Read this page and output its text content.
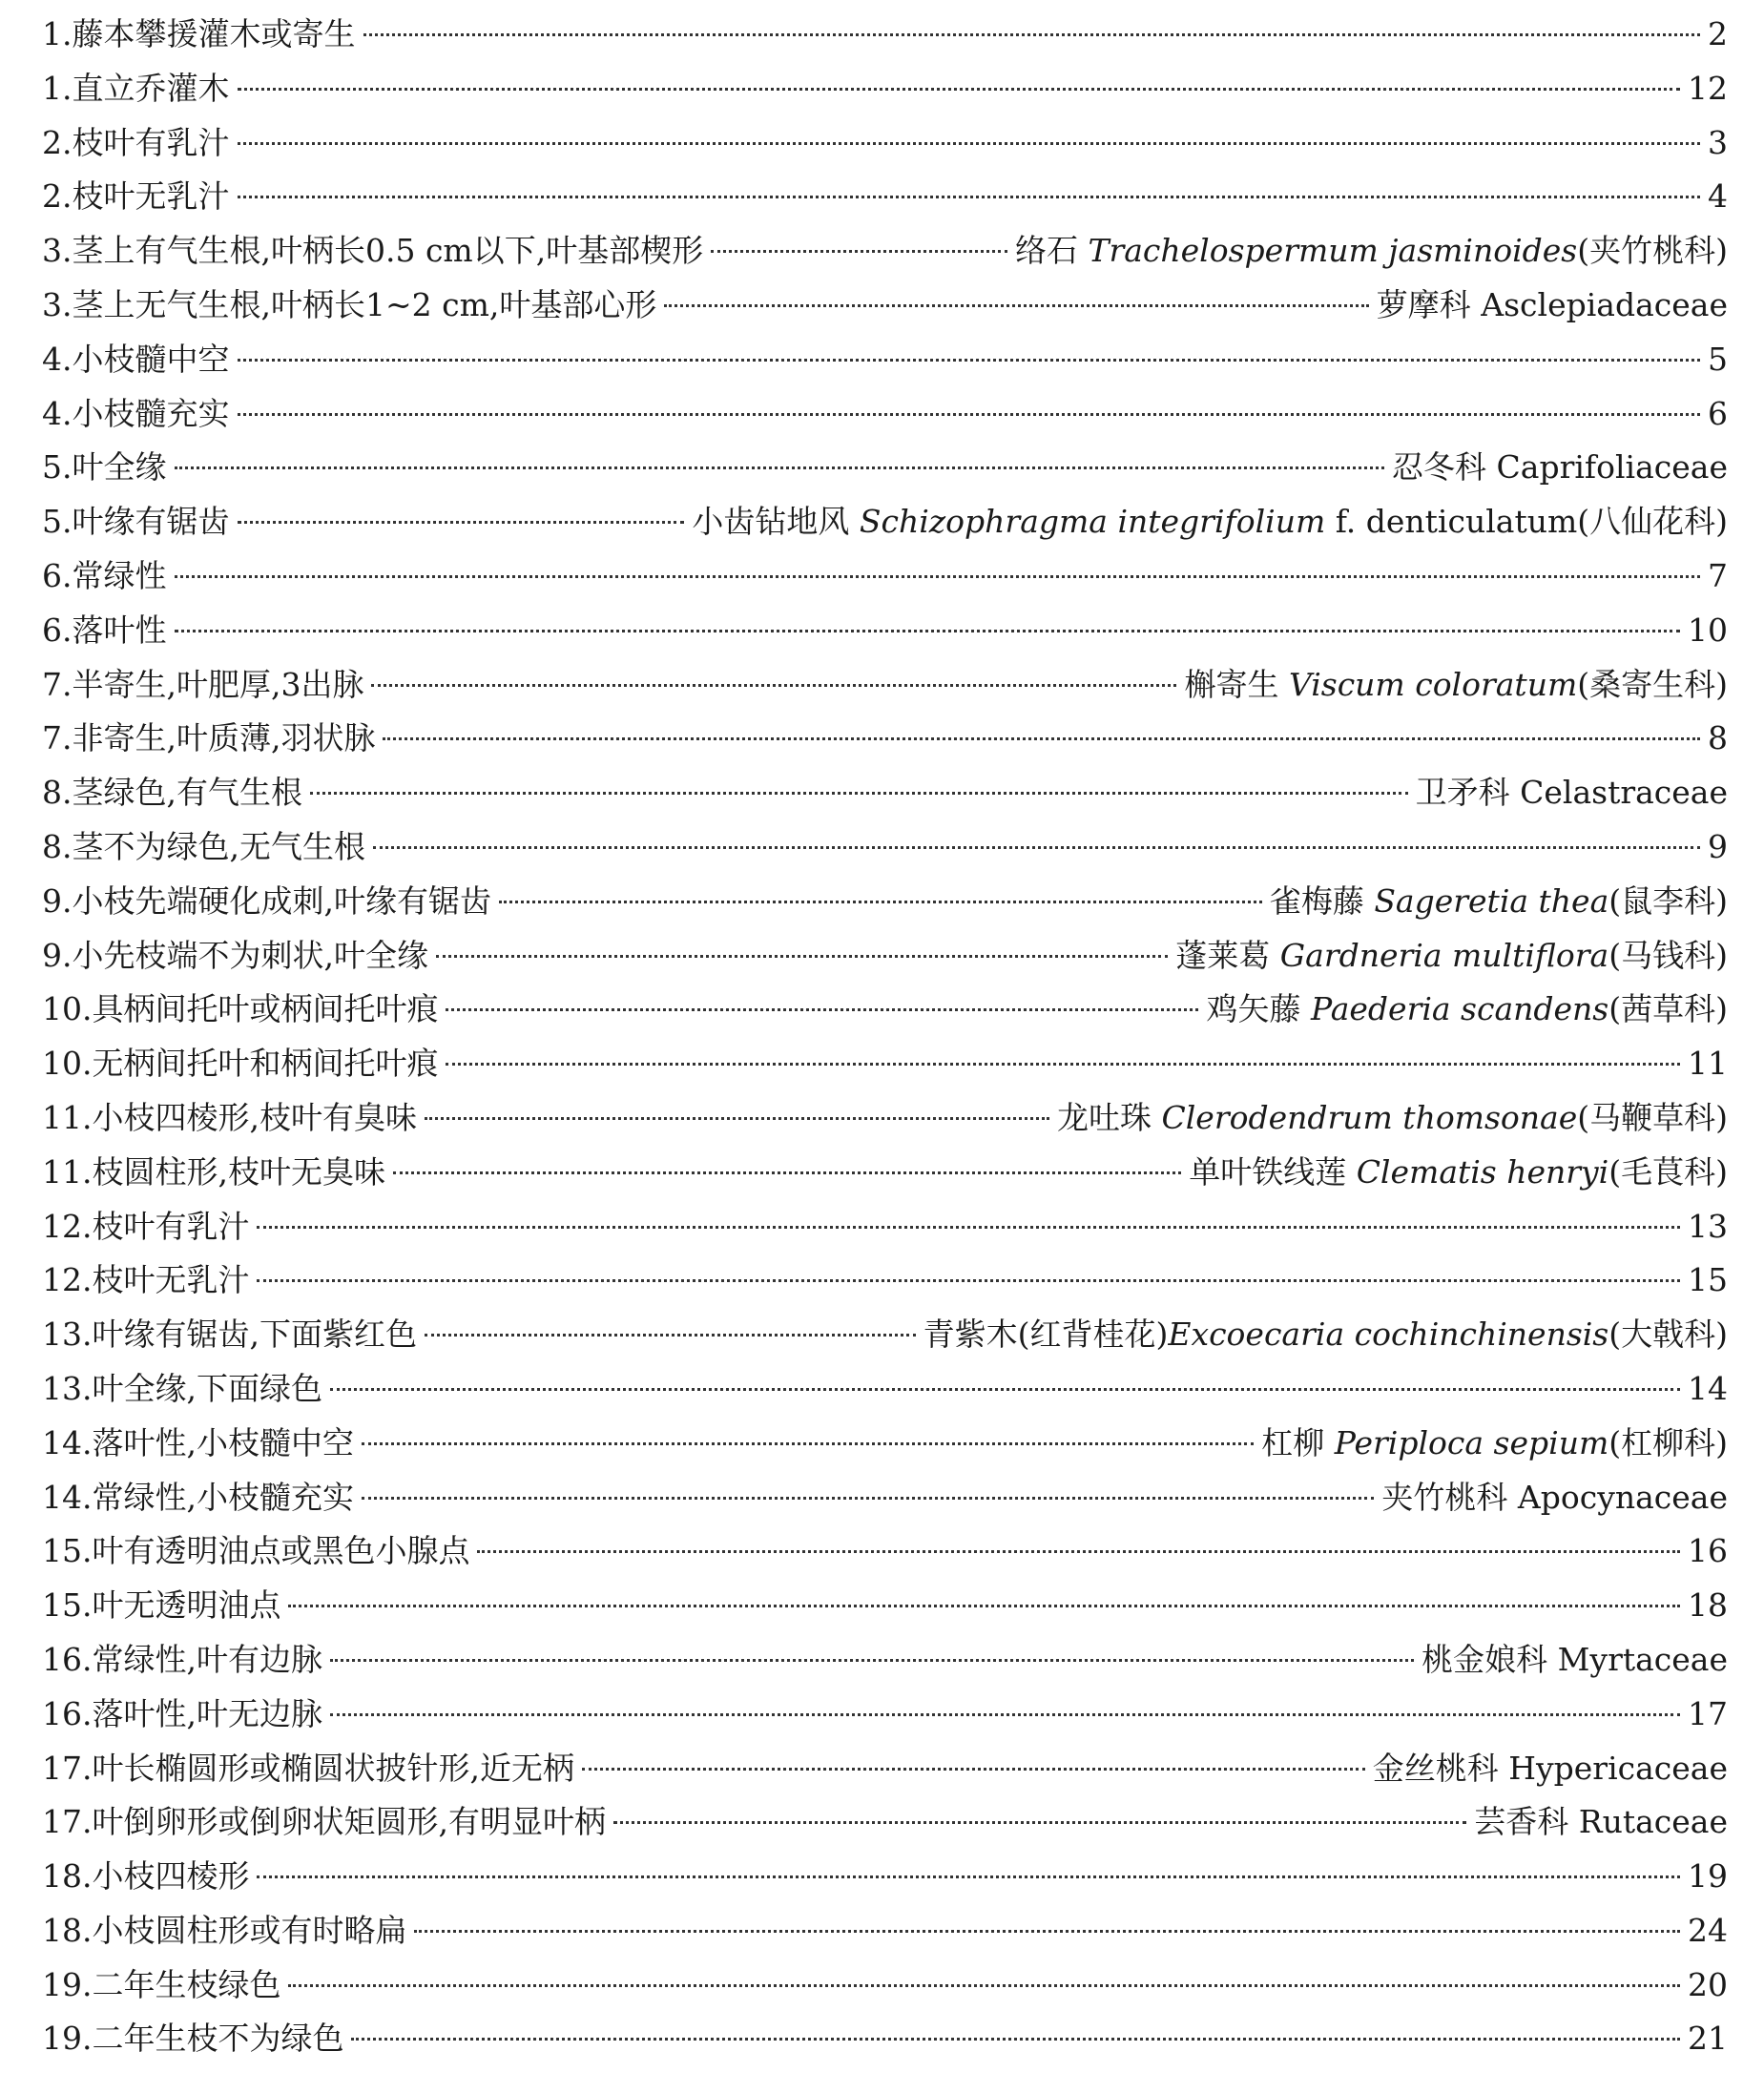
1.藤本攀援灌木或寄生	2
1.直立乔灌木	12
2.枝叶有乳汁	3
2.枝叶无乳汁	4
3.茎上有气生根,叶柄长0.5 cm以下,叶基部楔形	络石 Trachelospermum jasminoides(夹竹桃科)
3.茎上无气生根,叶柄长1~2 cm,叶基部心形	萝摩科 Asclepiadaceae
4.小枝髓中空	5
4.小枝髓充实	6
5.叶全缘	忍冬科 Caprifoliaceae
5.叶缘有锯齿	小齿钻地风 Schizophragma integrifolium f. denticulatum(八仙花科)
6.常绿性	7
6.落叶性	10
7.半寄生,叶肥厚,3出脉	槲寄生 Viscum coloratum(桑寄生科)
7.非寄生,叶质薄,羽状脉	8
8.茎绿色,有气生根	卫矛科 Celastraceae
8.茎不为绿色,无气生根	9
9.小枝先端硬化成刺,叶缘有锯齿	雀梅藤 Sageretia thea(鼠李科)
9.小先枝端不为刺状,叶全缘	蓬莱葛 Gardneria multiflora(马钱科)
10.具柄间托叶或柄间托叶痕	鸡矢藤 Paederia scandens(茜草科)
10.无柄间托叶和柄间托叶痕	11
11.小枝四棱形,枝叶有臭味	龙吐珠 Clerodendrum thomsonae(马鞭草科)
11.枝圆柱形,枝叶无臭味	单叶铁线莲 Clematis henryi(毛茛科)
12.枝叶有乳汁	13
12.枝叶无乳汁	15
13.叶缘有锯齿,下面紫红色	青紫木(红背桂花)Excoecaria cochinchinensis(大戟科)
13.叶全缘,下面绿色	14
14.落叶性,小枝髓中空	杠柳 Periploca sepium(杠柳科)
14.常绿性,小枝髓充实	夹竹桃科 Apocynaceae
15.叶有透明油点或黑色小腺点	16
15.叶无透明油点	18
16.常绿性,叶有边脉	桃金娘科 Myrtaceae
16.落叶性,叶无边脉	17
17.叶长椭圆形或椭圆状披针形,近无柄	金丝桃科 Hypericaceae
17.叶倒卵形或倒卵状矩圆形,有明显叶柄	芸香科 Rutaceae
18.小枝四棱形	19
18.小枝圆柱形或有时略扁	24
19.二年生枝绿色	20
19.二年生枝不为绿色	21
